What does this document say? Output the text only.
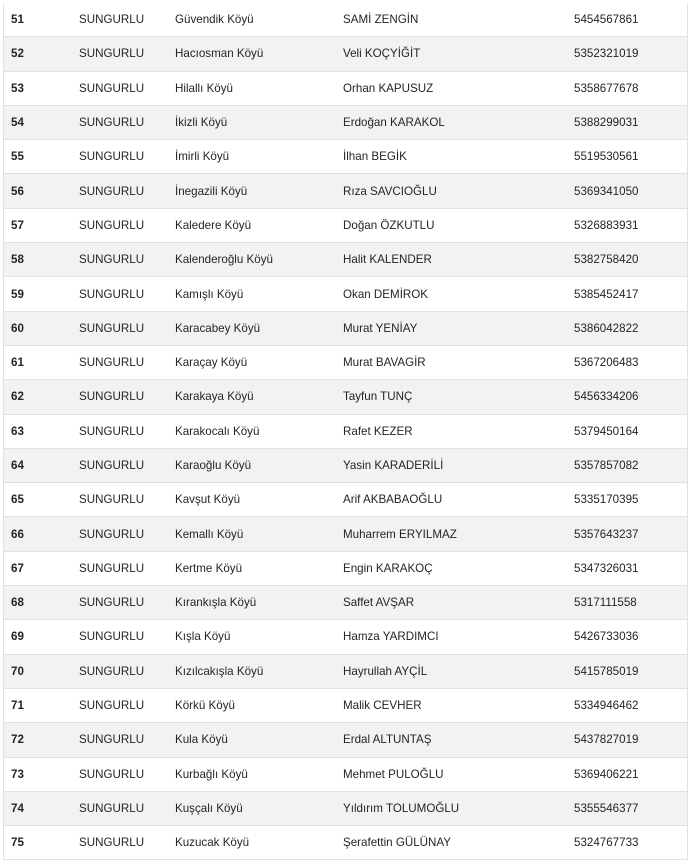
51	SUNGURLU	Güvendik Köyü	SAMİ ZENGİN	5454567861
52	SUNGURLU	Hacıosman Köyü	Veli KOÇYİĞİT	5352321019
53	SUNGURLU	Hilallı Köyü	Orhan KAPUSUZ	5358677678
54	SUNGURLU	İkizli Köyü	Erdoğan KARAKOL	5388299031
55	SUNGURLU	İmirli Köyü	İlhan BEGİK	5519530561
56	SUNGURLU	İnegazili Köyü	Rıza SAVCIOĞLU	5369341050
57	SUNGURLU	Kaledere Köyü	Doğan ÖZKUTLU	5326883931
58	SUNGURLU	Kalenderoğlu Köyü	Halit KALENDER	5382758420
59	SUNGURLU	Kamışlı Köyü	Okan DEMİROK	5385452417
60	SUNGURLU	Karacabey Köyü	Murat YENİAY	5386042822
61	SUNGURLU	Karaçay Köyü	Murat BAVAGİR	5367206483
62	SUNGURLU	Karakaya Köyü	Tayfun TUNÇ	5456334206
63	SUNGURLU	Karakocalı Köyü	Rafet KEZER	5379450164
64	SUNGURLU	Karaoğlu Köyü	Yasin KARADERİLİ	5357857082
65	SUNGURLU	Kavşut Köyü	Arif AKBABAOĞLU	5335170395
66	SUNGURLU	Kemallı Köyü	Muharrem ERYILMAZ	5357643237
67	SUNGURLU	Kertme Köyü	Engin KARAKOÇ	5347326031
68	SUNGURLU	Kırankışla Köyü	Saffet AVŞAR	5317111558
69	SUNGURLU	Kışla Köyü	Hamza YARDIMCI	5426733036
70	SUNGURLU	Kızılcakışla Köyü	Hayrullah AYÇİL	5415785019
71	SUNGURLU	Körkü Köyü	Malik CEVHER	5334946462
72	SUNGURLU	Kula Köyü	Erdal ALTUNTAŞ	5437827019
73	SUNGURLU	Kurbağlı Köyü	Mehmet PULOĞLU	5369406221
74	SUNGURLU	Kuşçalı Köyü	Yıldırım TOLUMOĞLU	5355546377
75	SUNGURLU	Kuzucak Köyü	Şerafettin GÜLÜNAY	5324767733
